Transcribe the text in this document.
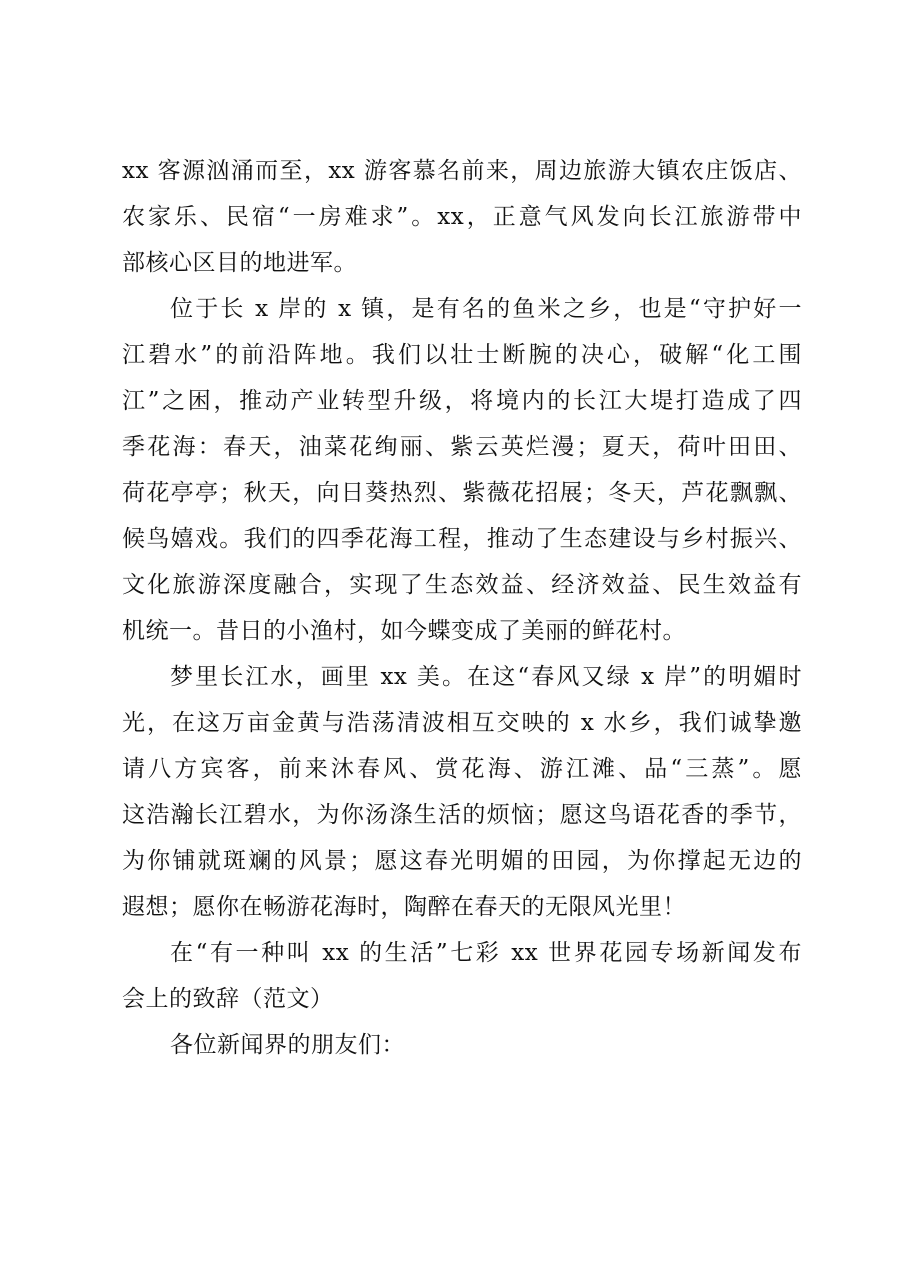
xx 客源汹涌而至，xx 游客慕名前来，周边旅游大镇农庄饭店、
农家乐、民宿“一房难求”。xx，正意气风发向长江旅游带中
部核心区目的地进军。
位于长 x 岸的 x 镇，是有名的鱼米之乡，也是“守护好一
江碧水”的前沿阵地。我们以壮士断腕的决心，破解“化工围
江”之困，推动产业转型升级，将境内的长江大堤打造成了四
季花海：春天，油菜花绚丽、紫云英烂漫；夏天，荷叶田田、
荷花亭亭；秋天，向日葵热烈、紫薇花招展；冬天，芦花飘飘、
候鸟嬉戏。我们的四季花海工程，推动了生态建设与乡村振兴、
文化旅游深度融合，实现了生态效益、经济效益、民生效益有
机统一。昔日的小渔村，如今蝶变成了美丽的鲜花村。
梦里长江水，画里 xx 美。在这“春风又绿 x 岸”的明媚时
光，在这万亩金黄与浩荡清波相互交映的 x 水乡，我们诚挚邀
请八方宾客，前来沐春风、赏花海、游江滩、品“三蒸”。愿
这浩瀚长江碧水，为你汤涤生活的烦恼；愿这鸟语花香的季节，
为你铺就斑斓的风景；愿这春光明媚的田园，为你撑起无边的
遐想；愿你在畅游花海时，陶醉在春天的无限风光里！
在“有一种叫 xx 的生活”七彩 xx 世界花园专场新闻发布
会上的致辞（范文）
各位新闻界的朋友们：
